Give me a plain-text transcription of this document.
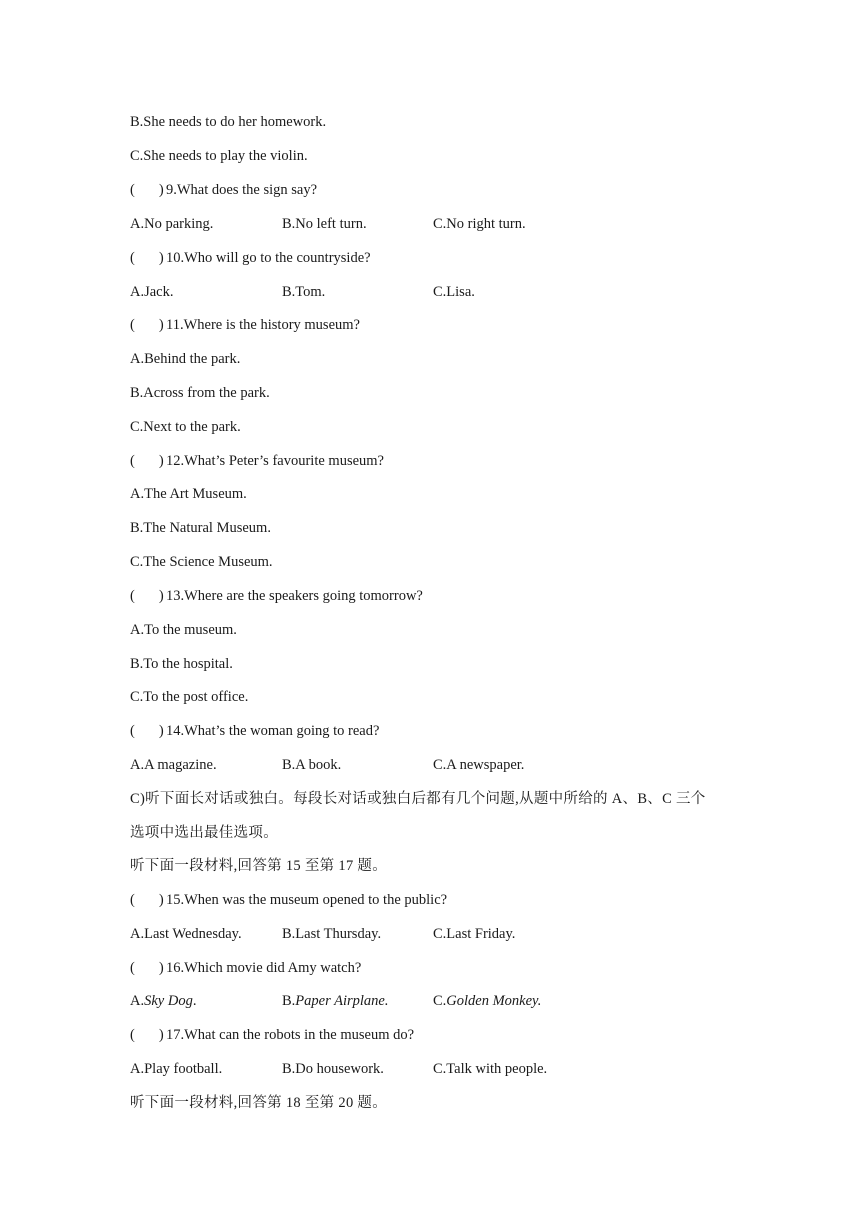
B.She needs to do her homework.
C.She needs to play the violin.
( ) 9.What does the sign say?
A.No parking.	B.No left turn.	C.No right turn.
( ) 10.Who will go to the countryside?
A.Jack.	B.Tom.	C.Lisa.
( ) 11.Where is the history museum?
A.Behind the park.
B.Across from the park.
C.Next to the park.
( ) 12.What’s Peter’s favourite museum?
A.The Art Museum.
B.The Natural Museum.
C.The Science Museum.
( ) 13.Where are the speakers going tomorrow?
A.To the museum.
B.To the hospital.
C.To the post office.
( ) 14.What’s the woman going to read?
A.A magazine.	B.A book.	C.A newspaper.
C)听下面长对话或独白。每段长对话或独白后都有几个问题,从题中所给的 A、B、C 三个
选项中选出最佳选项。
听下面一段材料,回答第 15 至第 17 题。
( ) 15.When was the museum opened to the public?
A.Last Wednesday.	B.Last Thursday.	C.Last Friday.
( ) 16.Which movie did Amy watch?
A.Sky Dog.	B.Paper Airplane.	C.Golden Monkey.
( ) 17.What can the robots in the museum do?
A.Play football.	B.Do housework.	C.Talk with people.
听下面一段材料,回答第 18 至第 20 题。
